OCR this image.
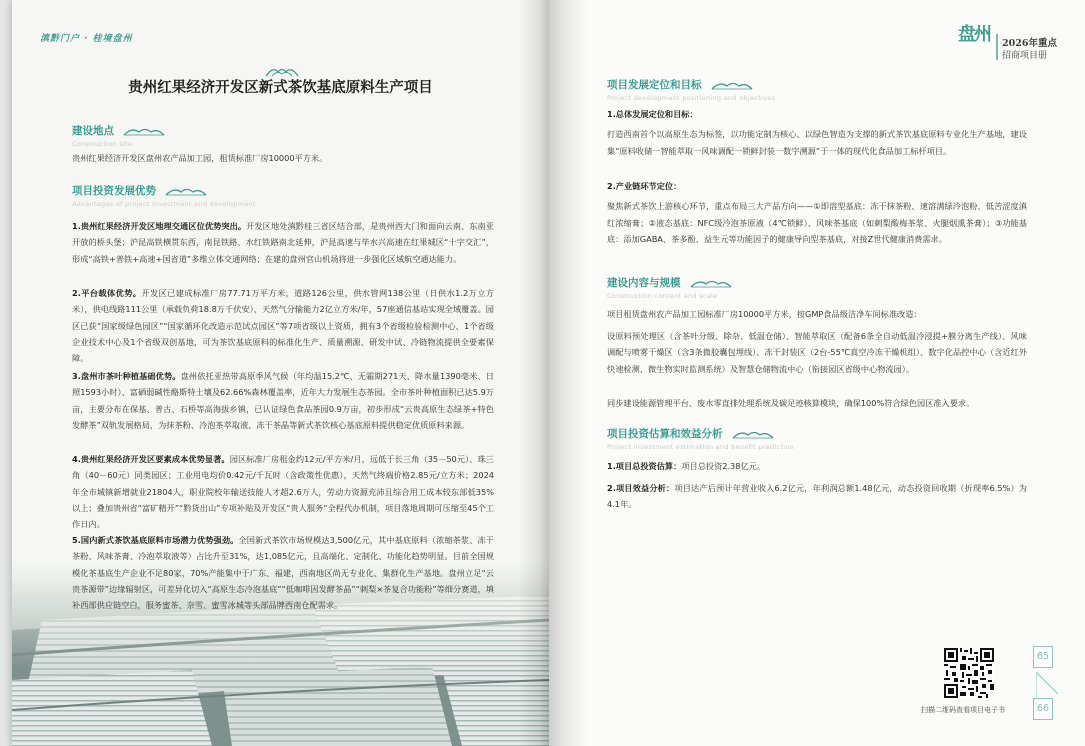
滇黔门户 · 桂境盘州
贵州红果经济开发区新式茶饮基底原料生产项目
建设地点
Construction site
贵州红果经济开发区盘州农产品加工园，租赁标准厂房10000平方米。
项目投资发展优势
Advantages of project investment and development
1.贵州红果经济开发区地理交通区位优势突出。开发区地处滇黔桂三省区结合部，是贵州西大门和面向云南、东南亚开放的桥头堡；沪昆高铁横贯东西，南昆铁路、水红铁路南北延伸，沪昆高速与毕水兴高速在红果城区“十字交汇”，形成“高铁+普铁+高速+国省道”多维立体交通网络；在建的盘州官山机场将进一步强化区域航空通达能力。
2.平台载体优势。开发区已建成标准厂房77.71万平方米，道路126公里，供水管网138公里（日供水1.2万立方米），供电线路111公里（承载负荷18.8万千伏安），天然气分输能力2亿立方米/年，57座通信基站实现全域覆盖。园区已获“国家级绿色园区”“国家循环化改造示范试点园区”等7项省级以上资质，拥有3个省级检验检测中心、1个省级企业技术中心及1个省级双创基地，可为茶饮基底原料的标准化生产、质量溯源、研发中试、冷链物流提供全要素保障。
3.盘州市茶叶种植基础优势。盘州依托亚热带高原季风气候（年均温15.2℃、无霜期271天、降水量1390毫米、日照1593小时）、富硒弱碱性酪斯特土壤及62.66%森林覆盖率，近年大力发展生态茶园。全市茶叶种植面积已达5.9万亩，主要分布在保基、普古、石桥等高海拔乡镇，已认证绿色食品茶园0.9万亩，初步形成“云贵高原生态绿茶+特色发酵茶”双轨发展格局，为抹茶粉、冷泡茶萃取液、冻干茶晶等新式茶饮核心基底原料提供稳定优质原料来源。
4.贵州红果经济开发区要素成本优势显著。园区标准厂房租金约12元/平方米/月，远低于长三角（35－50元）、珠三角（40－60元）同类园区；工业用电均价0.42元/千瓦时（含政策性优惠），天然气终端价格2.85元/立方米；2024年全市城镇新增就业21804人，职业院校年输送技能人才超2.6万人，劳动力资源充沛且综合用工成本较东部低35%以上；叠加贵州省“富矿精开”“黔货出山”专项补贴及开发区“贵人服务”全程代办机制，项目落地周期可压缩至45个工作日内。
5.国内新式茶饮基底原料市场潜力优势强劲。全国新式茶饮市场规模达3,500亿元，其中基底原料（浓缩茶浆、冻干茶粉、风味茶膏、冷泡萃取液等）占比升至31%，达1,085亿元，且高端化、定制化、功能化趋势明显。目前全国规模化茶基底生产企业不足80家，70%产能集中于广东、福建，西南地区尚无专业化、集群化生产基地。盘州立足“云贵茶源带”边缘辐射区，可差异化切入“高原生态冷泡基底”“低咖啡因发酵茶晶”“刺梨×茶复合功能粉”等细分赛道，填补西部供应链空白，服务蜜茶、奈雪、蜜雪冰城等头部品牌西南仓配需求。
盘州 2026年重点
招商项目册
项目发展定位和目标
Project development positioning and objectives
1.总体发展定位和目标：

打造西南首个以高原生态为标签，以功能定制为核心、以绿色智造为支撑的新式茶饮基底原料专业化生产基地，建设集“原料收储一智能萃取一风味调配一锁鲜封装一数字溯源”于一体的现代化食品加工标杆项目。
2.产业链环节定位：

聚焦新式茶饮上游核心环节，重点布局三大产品方向——①即溶型基底：冻干抹茶粉、速溶满绿冷泡粉、低苦涩度滇红浓缩膏；②液态基底：NFC级冷泡茶原液（4℃锁鲜）、风味茶基底（如刺梨酸梅茶浆、火腿烟熏茶膏）；③功能基底：添加GABA、茶多酚、益生元等功能因子的健康导向型茶基底，对接Z世代健康消费需求。
建设内容与规模
Construction content and scale
项目租赁盘州农产品加工园标准厂房10000平方米，按GMP食品级洁净车间标准改造：
设原料预处理区（含茶叶分级、除杂、低温仓储）、智能萃取区（配备6条全自动低温冷浸提+膜分离生产线）、风味调配与喷雾干燥区（含3条微胶囊包埋线）、冻干封装区（2台-55℃真空冷冻干燥机组）、数字化品控中心（含近红外快速检测、微生物实时监测系统）及智慧仓储物流中心（衔接园区省级中心物流园）。
同步建设能源管理平台、废水零直排处理系统及碳足迹核算模块，确保100%符合绿色园区准入要求。
项目投资估算和效益分析
Project investment estimation and benefit prediction
1.项目总投资估算：项目总投资2.38亿元。
2.项目效益分析：项目达产后预计年营业收入6.2亿元，年利润总额1.48亿元，动态投资回收期（折现率6.5%）为4.1年。
扫描二维码查看项目电子书
65
66
